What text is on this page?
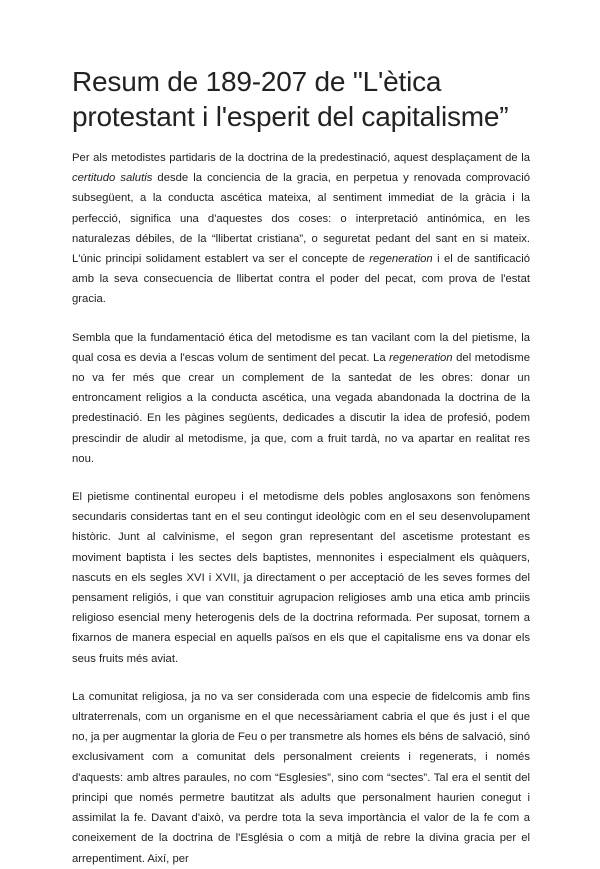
Resum de 189-207 de "L'ètica
protestant i l'esperit del capitalisme”

Per als metodistes partidaris de la doctrina de la predestinació, aquest desplaçament de la certitudo salutis desde la conciencia de la gracia, en perpetua y renovada comprovació subsegüent, a la conducta ascética mateixa, al sentiment immediat de la gràcia i la perfecció, significa una d'aquestes dos coses: o interpretació antinómica, en les naturalezas débiles, de la “llibertat cristiana”, o seguretat pedant del sant en si mateix. L'únic principi solidament establert va ser el concepte de regeneration i el de santificació amb la seva consecuencia de llibertat contra el poder del pecat, com prova de l'estat gracia.

Sembla que la fundamentació ética del metodisme es tan vacilant com la del pietisme, la qual cosa es devia a l'escas volum de sentiment del pecat. La regeneration del metodisme no va fer més que crear un complement de la santedat de les obres: donar un entroncament religios a la conducta ascética, una vegada abandonada la doctrina de la predestinació. En les pàgines següents, dedicades a discutir la idea de profesió, podem prescindir de aludir al metodisme, ja que, com a fruit tardà, no va apartar en realitat res nou.

El pietisme continental europeu i el metodisme dels pobles anglosaxons son fenòmens secundaris considertas tant en el seu contingut ideològic com en el seu desenvolupament històric. Junt al calvinisme, el segon gran representant del ascetisme protestant es moviment baptista i les sectes dels baptistes, mennonites i especialment els quàquers, nascuts en els segles XVI i XVII, ja directament o per acceptació de les seves formes del pensament religiós, i que van constituir agrupacion religioses amb una etica amb princiis religioso esencial meny heterogenis dels de la doctrina reformada. Per suposat, tornem a fixarnos de manera especial en aquells països en els que el capitalisme ens va donar els seus fruits més aviat.

La comunitat religiosa, ja no va ser considerada com una especie de fidelcomis amb fins ultraterrenals, com un organisme en el que necessàriament cabria el que és just i el que no, ja per augmentar la gloria de Feu o per transmetre als homes els béns de salvació, sinó exclusivament com a comunitat dels personalment creients i regenerats, i només d'aquests: amb altres paraules, no com “Esglesies”, sino com “sectes”. Tal era el sentit del principi que només permetre bautitzat als adults que personalment haurien conegut i assimilat la fe. Davant d'això, va perdre tota la seva importància el valor de la fe com a coneixement de la doctrina de l'Església o com a mitjà de rebre la divina gracia per el arrepentiment. Així, per
